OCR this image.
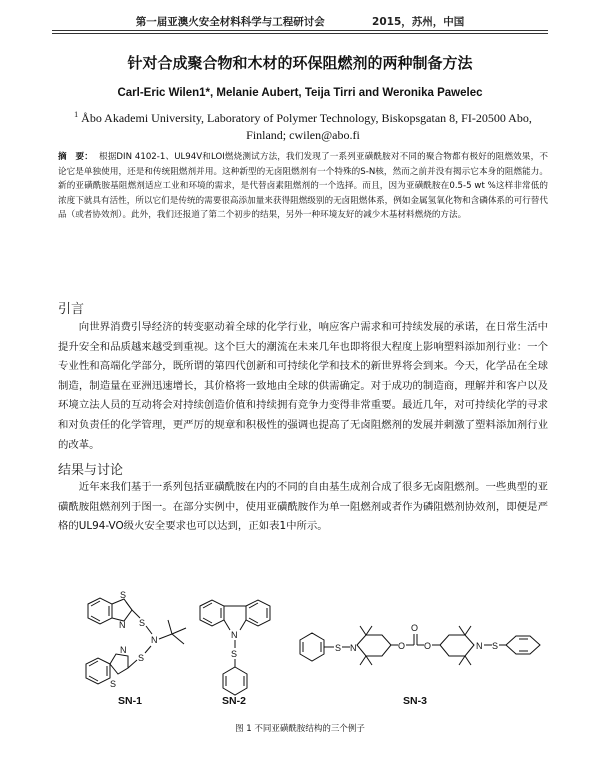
第一届亚澳火安全材料科学与工程研讨会	2015，苏州，中国
针对合成聚合物和木材的环保阻燃剂的两种制备方法
Carl-Eric Wilen1*, Melanie Aubert, Teija Tirri and Weronika Pawelec
$^1$ Åbo Akademi University, Laboratory of Polymer Technology, Biskopsgatan 8, FI-20500 Abo,
Finland; cwilen@abo.fi
摘　要： 根据DIN 4102-1、UL94V和LOI燃烧测试方法，我们发现了一系列亚磺酰胺对不同的聚合物都有极好的阻燃效果，不论它是单独使用，还是和传统阻燃剂并用。这种新型的无卤阻燃剂有一个特殊的S-N核，然而之前并没有揭示它本身的阻燃能力。新的亚磺酰胺基阻燃剂适应工业和环境的需求，是代替卤素阻燃剂的一个选择。而且，因为亚磺酰胺在0.5-5 wt %这样非常低的浓度下就具有活性，所以它们是传统的需要很高添加量来获得阻燃级别的无卤阻燃体系，例如金属氢氧化物和含磷体系的可行替代品（或者协效剂）。此外，我们还报道了第二个初步的结果，另外一种环境友好的减少木基材料燃烧的方法。
引言
向世界消费引导经济的转变驱动着全球的化学行业，响应客户需求和可持续发展的承诺，在日常生活中提升安全和品质越来越受到重视。这个巨大的潮流在未来几年也即将很大程度上影响塑料添加剂行业：一个专业性和高端化学部分，既所谓的第四代创新和可持续化学和技术的新世界将会到来。今天，化学品在全球制造，制造量在亚洲迅速增长，其价格将一致地由全球的供需确定。对于成功的制造商，理解并和客户以及环境立法人员的互动将会对持续创造价值和持续拥有竞争力变得非常重要。最近几年，对可持续化学的寻求和对负责任的化学管理，更严厉的规章和积极性的强调也提高了无卤阻燃剂的发展并刺激了塑料添加剂行业的改革。
结果与讨论
近年来我们基于一系列包括亚磺酰胺在内的不同的自由基生成剂合成了很多无卤阻燃剂。一些典型的亚磺酰胺阻燃剂列于图一。在部分实例中，使用亚磺酰胺作为单一阻燃剂或者作为磷阻燃剂协效剂，即便是严格的UL94-VO级火安全要求也可以达到，正如表1中所示。
S
N S
N
S
S
N
N
S
S N	O
O
O	N S
SN-1	SN-2	SN-3
图 1 不同亚磺酰胺结构的三个例子
